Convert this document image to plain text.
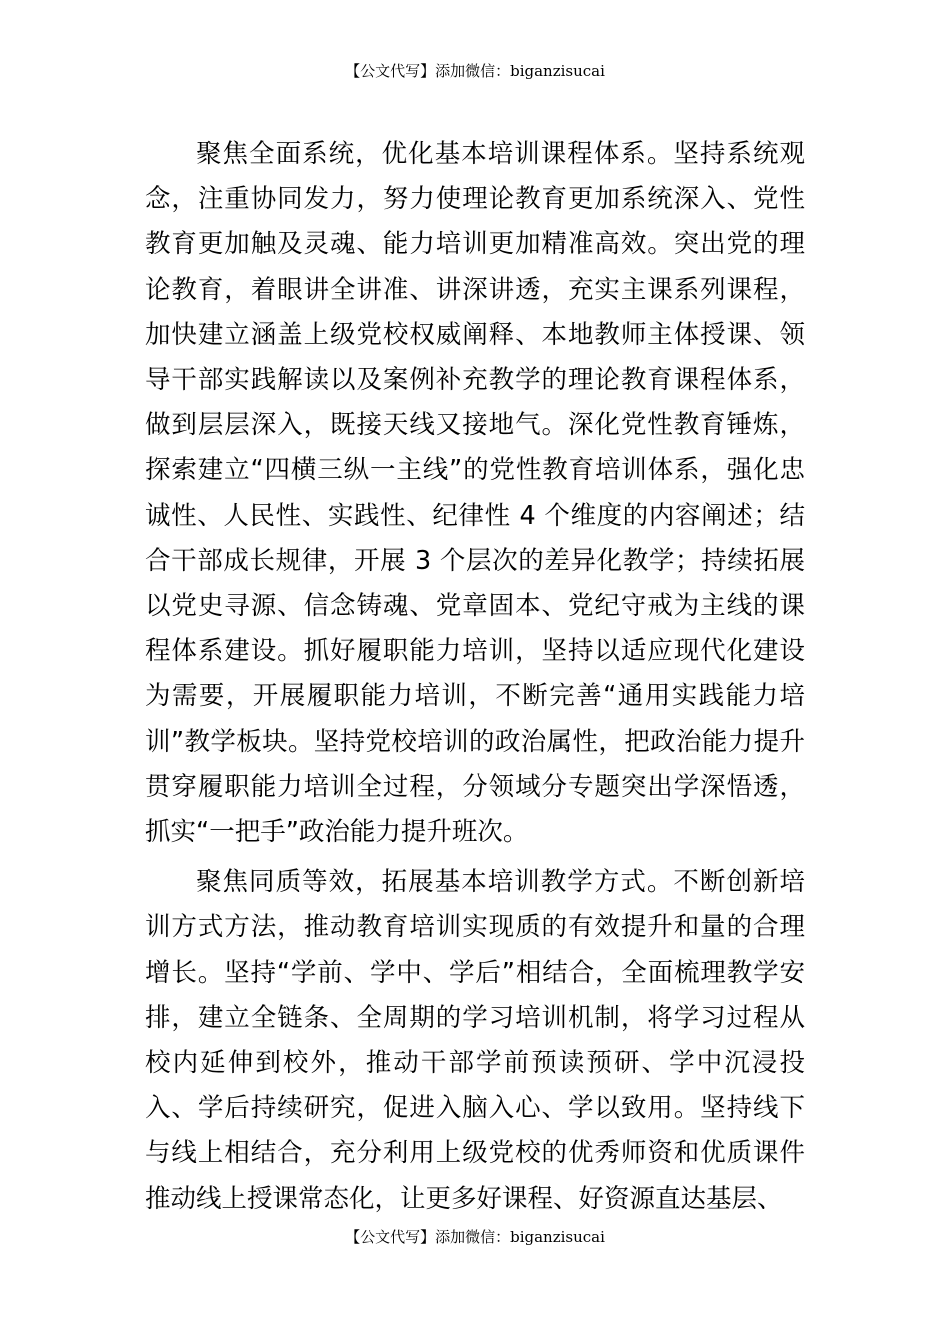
【公文代写】添加微信：biganzisucai

聚焦全面系统，优化基本培训课程体系。坚持系统观念，注重协同发力，努力使理论教育更加系统深入、党性教育更加触及灵魂、能力培训更加精准高效。突出党的理论教育，着眼讲全讲准、讲深讲透，充实主课系列课程，加快建立涵盖上级党校权威阐释、本地教师主体授课、领导干部实践解读以及案例补充教学的理论教育课程体系，做到层层深入，既接天线又接地气。深化党性教育锤炼，探索建立“四横三纵一主线”的党性教育培训体系，强化忠诚性、人民性、实践性、纪律性 4 个维度的内容阐述；结合干部成长规律，开展 3 个层次的差异化教学；持续拓展以党史寻源、信念铸魂、党章固本、党纪守戒为主线的课程体系建设。抓好履职能力培训，坚持以适应现代化建设为需要，开展履职能力培训，不断完善“通用实践能力培训”教学板块。坚持党校培训的政治属性，把政治能力提升贯穿履职能力培训全过程，分领域分专题突出学深悟透，抓实“一把手”政治能力提升班次。

聚焦同质等效，拓展基本培训教学方式。不断创新培训方式方法，推动教育培训实现质的有效提升和量的合理增长。坚持“学前、学中、学后”相结合，全面梳理教学安排，建立全链条、全周期的学习培训机制，将学习过程从校内延伸到校外，推动干部学前预读预研、学中沉浸投入、学后持续研究，促进入脑入心、学以致用。坚持线下与线上相结合，充分利用上级党校的优秀师资和优质课件推动线上授课常态化，让更多好课程、好资源直达基层、

【公文代写】添加微信：biganzisucai
